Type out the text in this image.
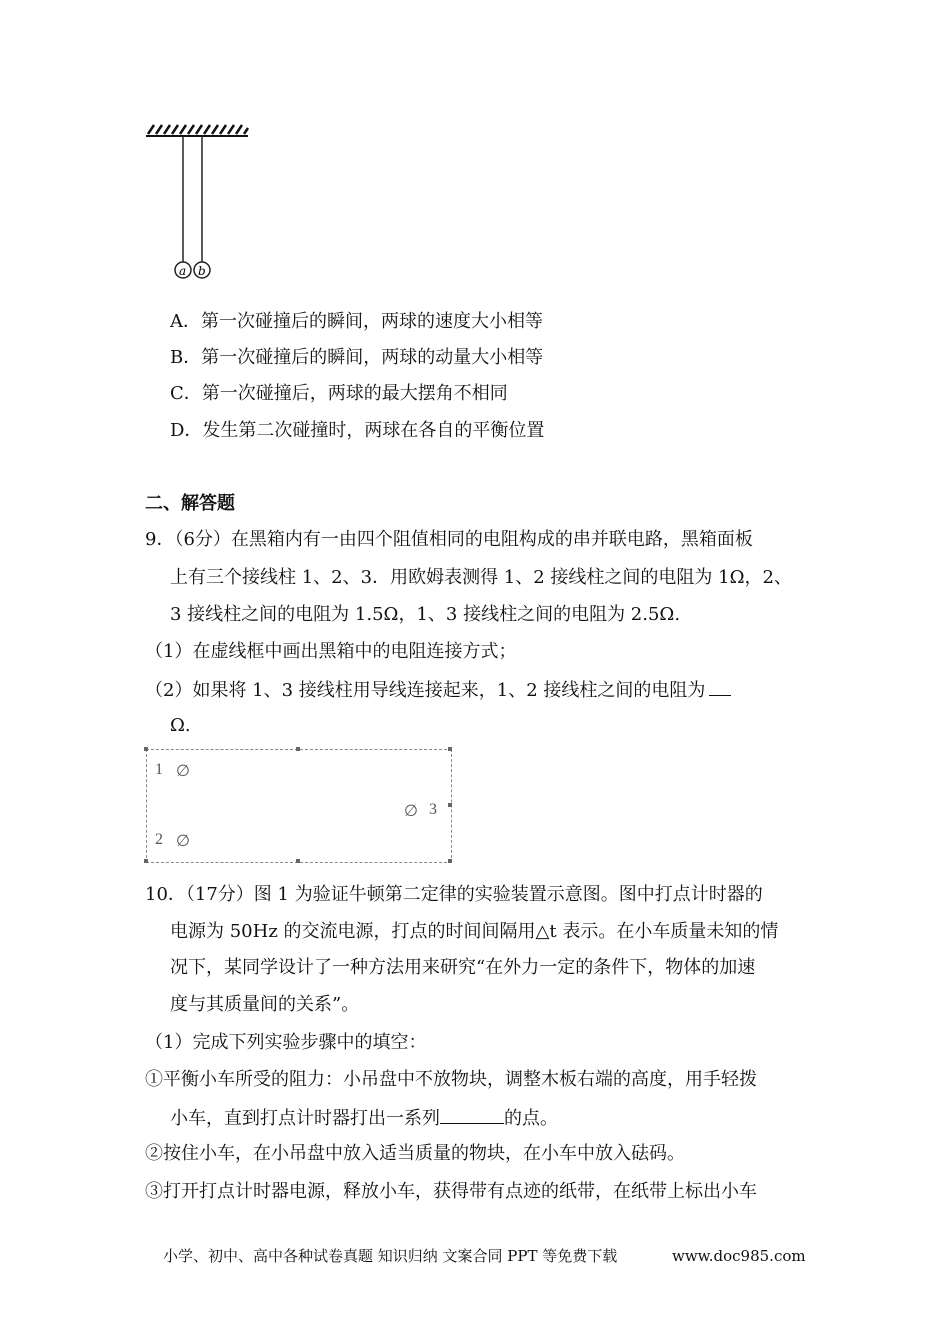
a b
A．第一次碰撞后的瞬间，两球的速度大小相等
B．第一次碰撞后的瞬间，两球的动量大小相等
C．第一次碰撞后，两球的最大摆角不相同
D．发生第二次碰撞时，两球在各自的平衡位置
二、解答题
9．（6分）在黑箱内有一由四个阻值相同的电阻构成的串并联电路，黑箱面板
上有三个接线柱 1、2、3．用欧姆表测得 1、2 接线柱之间的电阻为 1Ω，2、
3 接线柱之间的电阻为 1.5Ω，1、3 接线柱之间的电阻为 2.5Ω.
（1）在虚线框中画出黑箱中的电阻连接方式；
（2）如果将 1、3 接线柱用导线连接起来，1、2 接线柱之间的电阻为
Ω.
1 ∅
2 ∅
∅ 3
10．（17分）图 1 为验证牛顿第二定律的实验装置示意图。图中打点计时器的
电源为 50Hz 的交流电源，打点的时间间隔用△t 表示。在小车质量未知的情
况下，某同学设计了一种方法用来研究“在外力一定的条件下，物体的加速
度与其质量间的关系”。
（1）完成下列实验步骤中的填空：
①平衡小车所受的阻力：小吊盘中不放物块，调整木板右端的高度，用手轻拨
小车，直到打点计时器打出一系列	的点。
②按住小车，在小吊盘中放入适当质量的物块，在小车中放入砝码。
③打开打点计时器电源，释放小车，获得带有点迹的纸带，在纸带上标出小车
小学、初中、高中各种试卷真题 知识归纳 文案合同 PPT 等免费下载	www.doc985.com
